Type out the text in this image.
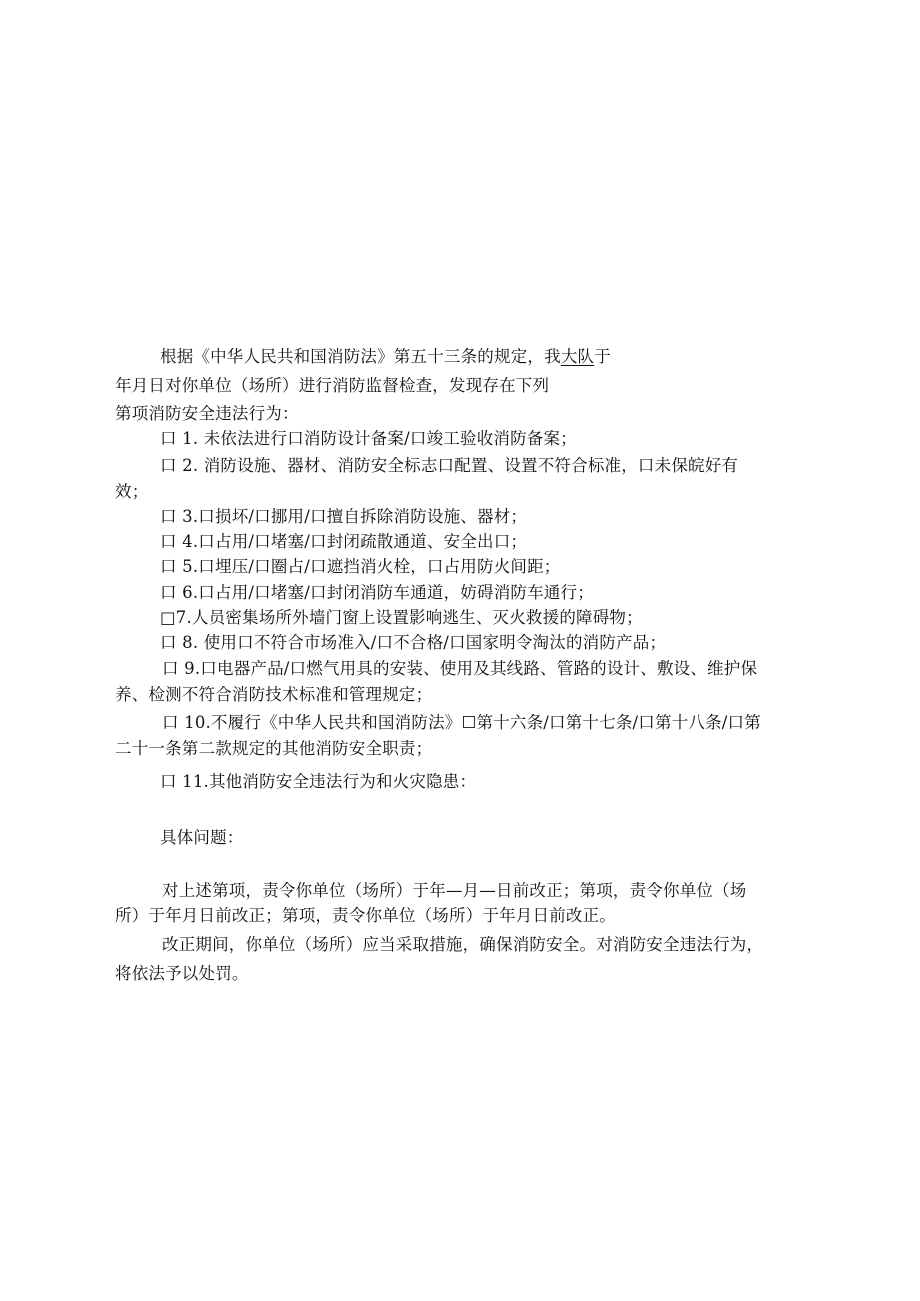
根据《中华人民共和国消防法》第五十三条的规定，我大队于
年月日对你单位（场所）进行消防监督检查，发现存在下列
第项消防安全违法行为：
口 1. 未依法进行口消防设计备案/口竣工验收消防备案；
口 2. 消防设施、器材、消防安全标志口配置、设置不符合标准，口未保皖好有
效；
口 3.口损坏/口挪用/口擅自拆除消防设施、器材；
口 4.口占用/口堵塞/口封闭疏散通道、安全出口；
口 5.口埋压/口圈占/口遮挡消火栓，口占用防火间距；
口 6.口占用/口堵塞/口封闭消防车通道，妨碍消防车通行；
□7.人员密集场所外墙门窗上设置影响逃生、灭火救援的障碍物；
口 8. 使用口不符合市场准入/口不合格/口国家明令淘汰的消防产品；
口 9.口电器产品/口燃气用具的安装、使用及其线路、管路的设计、敷设、维护保
养、检测不符合消防技术标准和管理规定；
口 10.不履行《中华人民共和国消防法》☐第十六条/口第十七条/口第十八条/口第
二十一条第二款规定的其他消防安全职责；
口 11.其他消防安全违法行为和火灾隐患：
具体问题：
对上述第项，责令你单位（场所）于年—月—日前改正；第项，责令你单位（场
所）于年月日前改正；第项，责令你单位（场所）于年月日前改正。
改正期间，你单位（场所）应当采取措施，确保消防安全。对消防安全违法行为，
将依法予以处罚。
